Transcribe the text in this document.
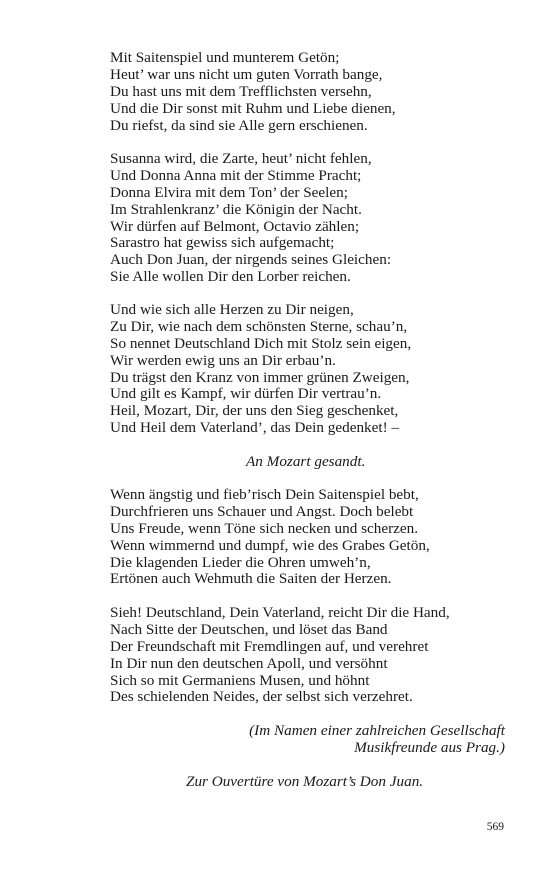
Mit Saitenspiel und munterem Getön;
Heut’ war uns nicht um guten Vorrath bange,
Du hast uns mit dem Trefflichsten versehn,
Und die Dir sonst mit Ruhm und Liebe dienen,
Du riefst, da sind sie Alle gern erschienen.
Susanna wird, die Zarte, heut’ nicht fehlen,
Und Donna Anna mit der Stimme Pracht;
Donna Elvira mit dem Ton’ der Seelen;
Im Strahlenkranz’ die Königin der Nacht.
Wir dürfen auf Belmont, Octavio zählen;
Sarastro hat gewiss sich aufgemacht;
Auch Don Juan, der nirgends seines Gleichen:
Sie Alle wollen Dir den Lorber reichen.
Und wie sich alle Herzen zu Dir neigen,
Zu Dir, wie nach dem schönsten Sterne, schau’n,
So nennet Deutschland Dich mit Stolz sein eigen,
Wir werden ewig uns an Dir erbau’n.
Du trägst den Kranz von immer grünen Zweigen,
Und gilt es Kampf, wir dürfen Dir vertrau’n.
Heil, Mozart, Dir, der uns den Sieg geschenket,
Und Heil dem Vaterland’, das Dein gedenket! –
An Mozart gesandt.
Wenn ängstig und fieb’risch Dein Saitenspiel bebt,
Durchfrieren uns Schauer und Angst. Doch belebt
Uns Freude, wenn Töne sich necken und scherzen.
Wenn wimmernd und dumpf, wie des Grabes Getön,
Die klagenden Lieder die Ohren umweh’n,
Ertönen auch Wehmuth die Saiten der Herzen.
Sieh! Deutschland, Dein Vaterland, reicht Dir die Hand,
Nach Sitte der Deutschen, und löset das Band
Der Freundschaft mit Fremdlingen auf, und verehret
In Dir nun den deutschen Apoll, und versöhnt
Sich so mit Germaniens Musen, und höhnt
Des schielenden Neides, der selbst sich verzehret.
(Im Namen einer zahlreichen Gesellschaft
Musikfreunde aus Prag.)
Zur Ouvertüre von Mozart’s Don Juan.
569
